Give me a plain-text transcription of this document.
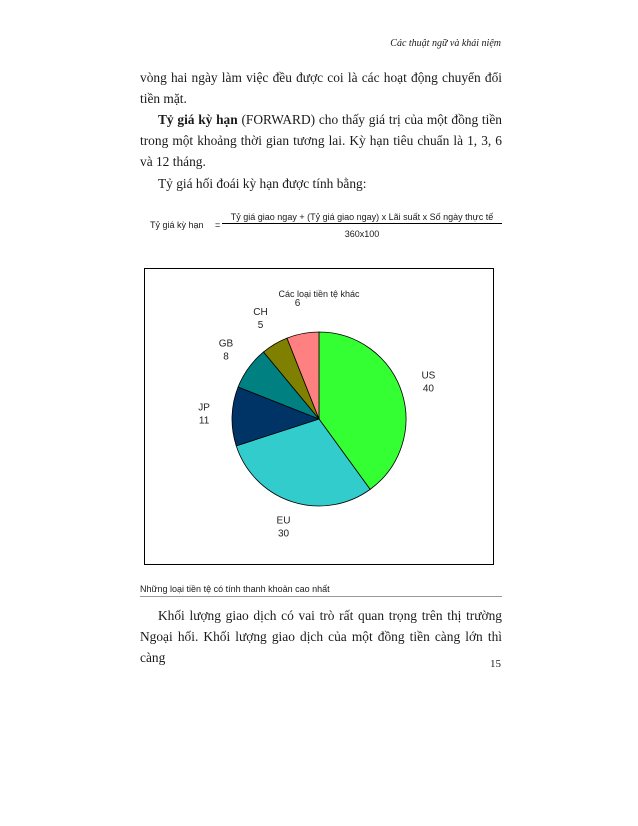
Các thuật ngữ và khái niệm

vòng hai ngày làm việc đều được coi là các hoạt động chuyển đổi tiền mặt.

Tỷ giá kỳ hạn (FORWARD) cho thấy giá trị của một đồng tiền trong một khoảng thời gian tương lai. Kỳ hạn tiêu chuẩn là 1, 3, 6 và 12 tháng.

Tỷ giá hối đoái kỳ hạn được tính bằng:

Tỷ giá kỳ hạn =
Tỷ giá giao ngay + (Tỷ giá giao ngay) x Lãi suất x Số ngày thực tế
360x100
US
40
EU
30
JP
11
GB
8
CH
5
6
Các loại tiền tệ khác
Những loại tiền tệ có tính thanh khoản cao nhất

Khối lượng giao dịch có vai trò rất quan trọng trên thị trường Ngoại hối. Khối lượng giao dịch của một đồng tiền càng lớn thì càng	15
